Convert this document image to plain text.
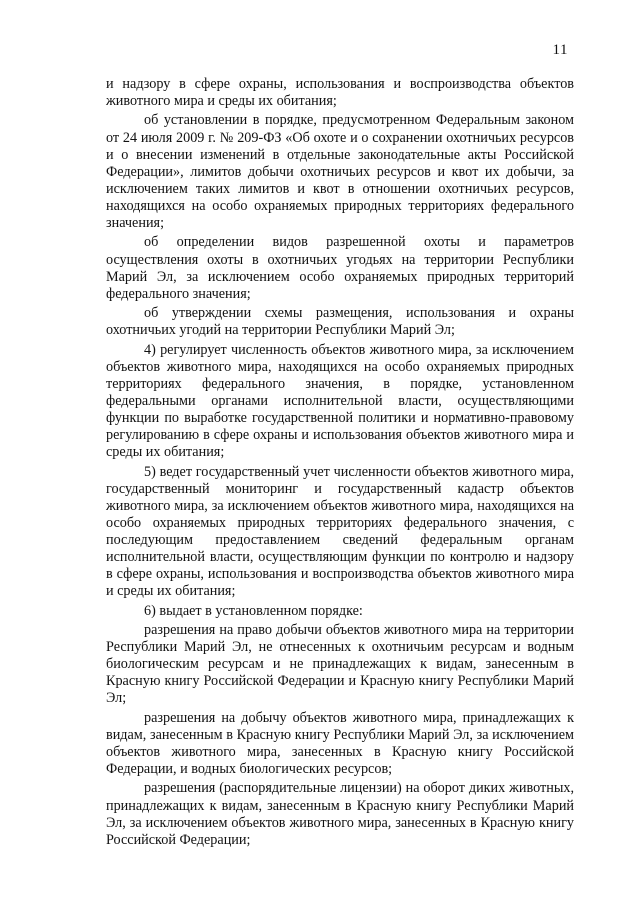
11

и надзору в сфере охраны, использования и воспроизводства объектов животного мира и среды их обитания;

об установлении в порядке, предусмотренном Федеральным законом от 24 июля 2009 г. № 209-ФЗ «Об охоте и о сохранении охотничьих ресурсов и о внесении изменений в отдельные законодательные акты Российской Федерации», лимитов добычи охотничьих ресурсов и квот их добычи, за исключением таких лимитов и квот в отношении охотничьих ресурсов, находящихся на особо охраняемых природных территориях федерального значения;

об определении видов разрешенной охоты и параметров осуществления охоты в охотничьих угодьях на территории Республики Марий Эл, за исключением особо охраняемых природных территорий федерального значения;

об утверждении схемы размещения, использования и охраны охотничьих угодий на территории Республики Марий Эл;

4) регулирует численность объектов животного мира, за исключением объектов животного мира, находящихся на особо охраняемых природных территориях федерального значения, в порядке, установленном федеральными органами исполнительной власти, осуществляющими функции по выработке государственной политики и нормативно-правовому регулированию в сфере охраны и использования объектов животного мира и среды их обитания;

5) ведет государственный учет численности объектов животного мира, государственный мониторинг и государственный кадастр объектов животного мира, за исключением объектов животного мира, находящихся на особо охраняемых природных территориях федерального значения, с последующим предоставлением сведений федеральным органам исполнительной власти, осуществляющим функции по контролю и надзору в сфере охраны, использования и воспроизводства объектов животного мира и среды их обитания;

6) выдает в установленном порядке:

разрешения на право добычи объектов животного мира на территории Республики Марий Эл, не отнесенных к охотничьим ресурсам и водным биологическим ресурсам и не принадлежащих к видам, занесенным в Красную книгу Российской Федерации и Красную книгу Республики Марий Эл;

разрешения на добычу объектов животного мира, принадлежащих к видам, занесенным в Красную книгу Республики Марий Эл, за исключением объектов животного мира, занесенных в Красную книгу Российской Федерации, и водных биологических ресурсов;

разрешения (распорядительные лицензии) на оборот диких животных, принадлежащих к видам, занесенным в Красную книгу Республики Марий Эл, за исключением объектов животного мира, занесенных в Красную книгу Российской Федерации;
